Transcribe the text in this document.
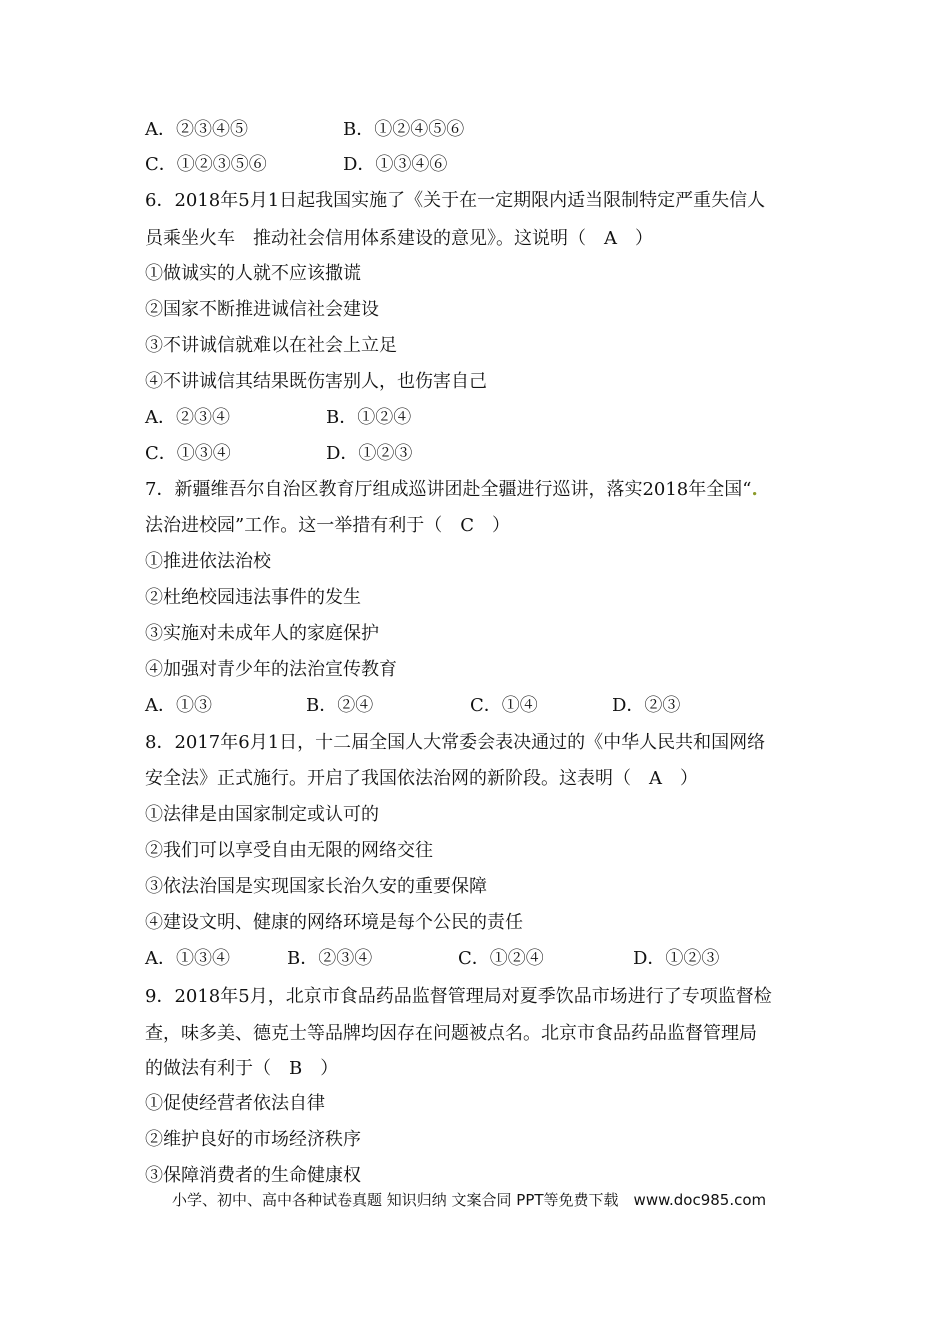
A．②③④⑤	B．①②④⑤⑥
C．①②③⑤⑥	D．①③④⑥
6．2018年5月1日起我国实施了《关于在一定期限内适当限制特定严重失信人
员乘坐火车　推动社会信用体系建设的意见》。这说明（　A　）
①做诚实的人就不应该撒谎
②国家不断推进诚信社会建设
③不讲诚信就难以在社会上立足
④不讲诚信其结果既伤害别人，也伤害自己
A．②③④	B．①②④
C．①③④	D．①②③
7．新疆维吾尔自治区教育厅组成巡讲团赴全疆进行巡讲，落实2018年全国“.
法治进校园”工作。这一举措有利于（　C　）
①推进依法治校
②杜绝校园违法事件的发生
③实施对未成年人的家庭保护
④加强对青少年的法治宣传教育
A．①③	B．②④	C．①④	D．②③
8．2017年6月1日，十二届全国人大常委会表决通过的《中华人民共和国网络
安全法》正式施行。开启了我国依法治网的新阶段。这表明（　A　）
①法律是由国家制定或认可的
②我们可以享受自由无限的网络交往
③依法治国是实现国家长治久安的重要保障
④建设文明、健康的网络环境是每个公民的责任
A．①③④	B．②③④	C．①②④	D．①②③
9．2018年5月，北京市食品药品监督管理局对夏季饮品市场进行了专项监督检
查，味多美、德克士等品牌均因存在问题被点名。北京市食品药品监督管理局
的做法有利于（　B　）
①促使经营者依法自律
②维护良好的市场经济秩序
③保障消费者的生命健康权
小学、初中、高中各种试卷真题 知识归纳 文案合同 PPT等免费下载　www.doc985.com
